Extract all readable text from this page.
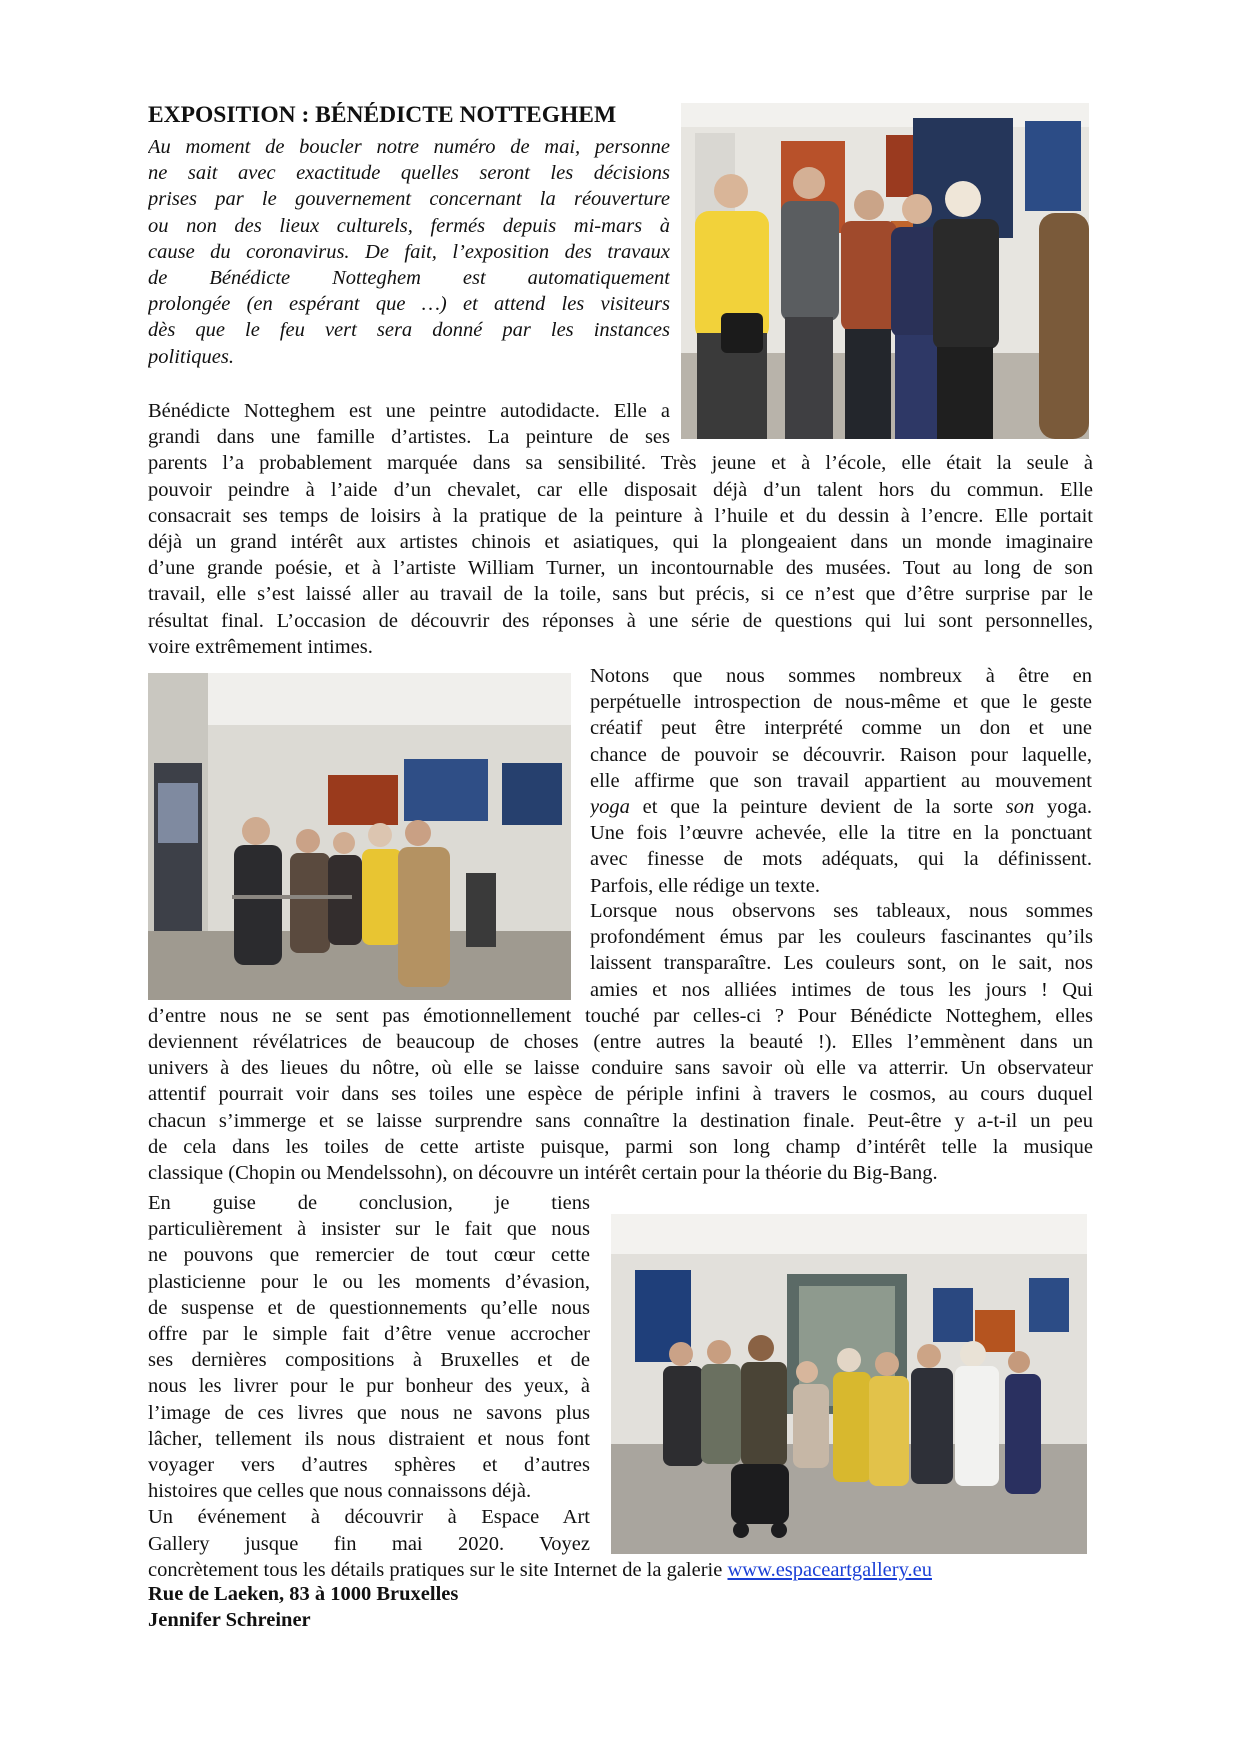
EXPOSITION : BÉNÉDICTE NOTTEGHEM

Au moment de boucler notre numéro de mai, personne
ne sait avec exactitude quelles seront les décisions
prises par le gouvernement concernant la réouverture
ou non des lieux culturels, fermés depuis mi-mars à
cause du coronavirus. De fait, l’exposition des travaux
de Bénédicte Notteghem est automatiquement
prolongée (en espérant que …) et attend les visiteurs
dès que le feu vert sera donné par les instances
politiques.

Bénédicte Notteghem est une peintre autodidacte. Elle a
grandi dans une famille d’artistes. La peinture de ses
parents l’a probablement marquée dans sa sensibilité. Très jeune et à l’école, elle était la seule à
pouvoir peindre à l’aide d’un chevalet, car elle disposait déjà d’un talent hors du commun. Elle
consacrait ses temps de loisirs à la pratique de la peinture à l’huile et du dessin à l’encre. Elle portait
déjà un grand intérêt aux artistes chinois et asiatiques, qui la plongeaient dans un monde imaginaire
d’une grande poésie, et à l’artiste William Turner, un incontournable des musées. Tout au long de son
travail, elle s’est laissé aller au travail de la toile, sans but précis, si ce n’est que d’être surprise par le
résultat final. L’occasion de découvrir des réponses à une série de questions qui lui sont personnelles,
voire extrêmement intimes.

Notons que nous sommes nombreux à être en
perpétuelle introspection de nous-même et que le geste
créatif peut être interprété comme un don et une
chance de pouvoir se découvrir. Raison pour laquelle,
elle affirme que son travail appartient au mouvement
yoga et que la peinture devient de la sorte son yoga.
Une fois l’œuvre achevée, elle la titre en la ponctuant
avec finesse de mots adéquats, qui la définissent.
Parfois, elle rédige un texte.

Lorsque nous observons ses tableaux, nous sommes
profondément émus par les couleurs fascinantes qu’ils
laissent transparaître. Les couleurs sont, on le sait, nos
amies et nos alliées intimes de tous les jours ! Qui
d’entre nous ne se sent pas émotionnellement touché par celles-ci ? Pour Bénédicte Notteghem, elles
deviennent révélatrices de beaucoup de choses (entre autres la beauté !). Elles l’emmènent dans un
univers à des lieues du nôtre, où elle se laisse conduire sans savoir où elle va atterrir. Un observateur
attentif pourrait voir dans ses toiles une espèce de périple infini à travers le cosmos, au cours duquel
chacun s’immerge et se laisse surprendre sans connaître la destination finale. Peut-être y a-t-il un peu
de cela dans les toiles de cette artiste puisque, parmi son long champ d’intérêt telle la musique
classique (Chopin ou Mendelssohn), on découvre un intérêt certain pour la théorie du Big-Bang.

En guise de conclusion, je tiens
particulièrement à insister sur le fait que nous
ne pouvons que remercier de tout cœur cette
plasticienne pour le ou les moments d’évasion,
de suspense et de questionnements qu’elle nous
offre par le simple fait d’être venue accrocher
ses dernières compositions à Bruxelles et de
nous les livrer pour le pur bonheur des yeux, à
l’image de ces livres que nous ne savons plus
lâcher, tellement ils nous distraient et nous font
voyager vers d’autres sphères et d’autres
histoires que celles que nous connaissons déjà.
Un événement à découvrir à Espace Art
Gallery jusque fin mai 2020. Voyez

concrètement tous les détails pratiques sur le site Internet de la galerie www.espaceartgallery.eu

Rue de Laeken, 83 à 1000 Bruxelles
Jennifer Schreiner
